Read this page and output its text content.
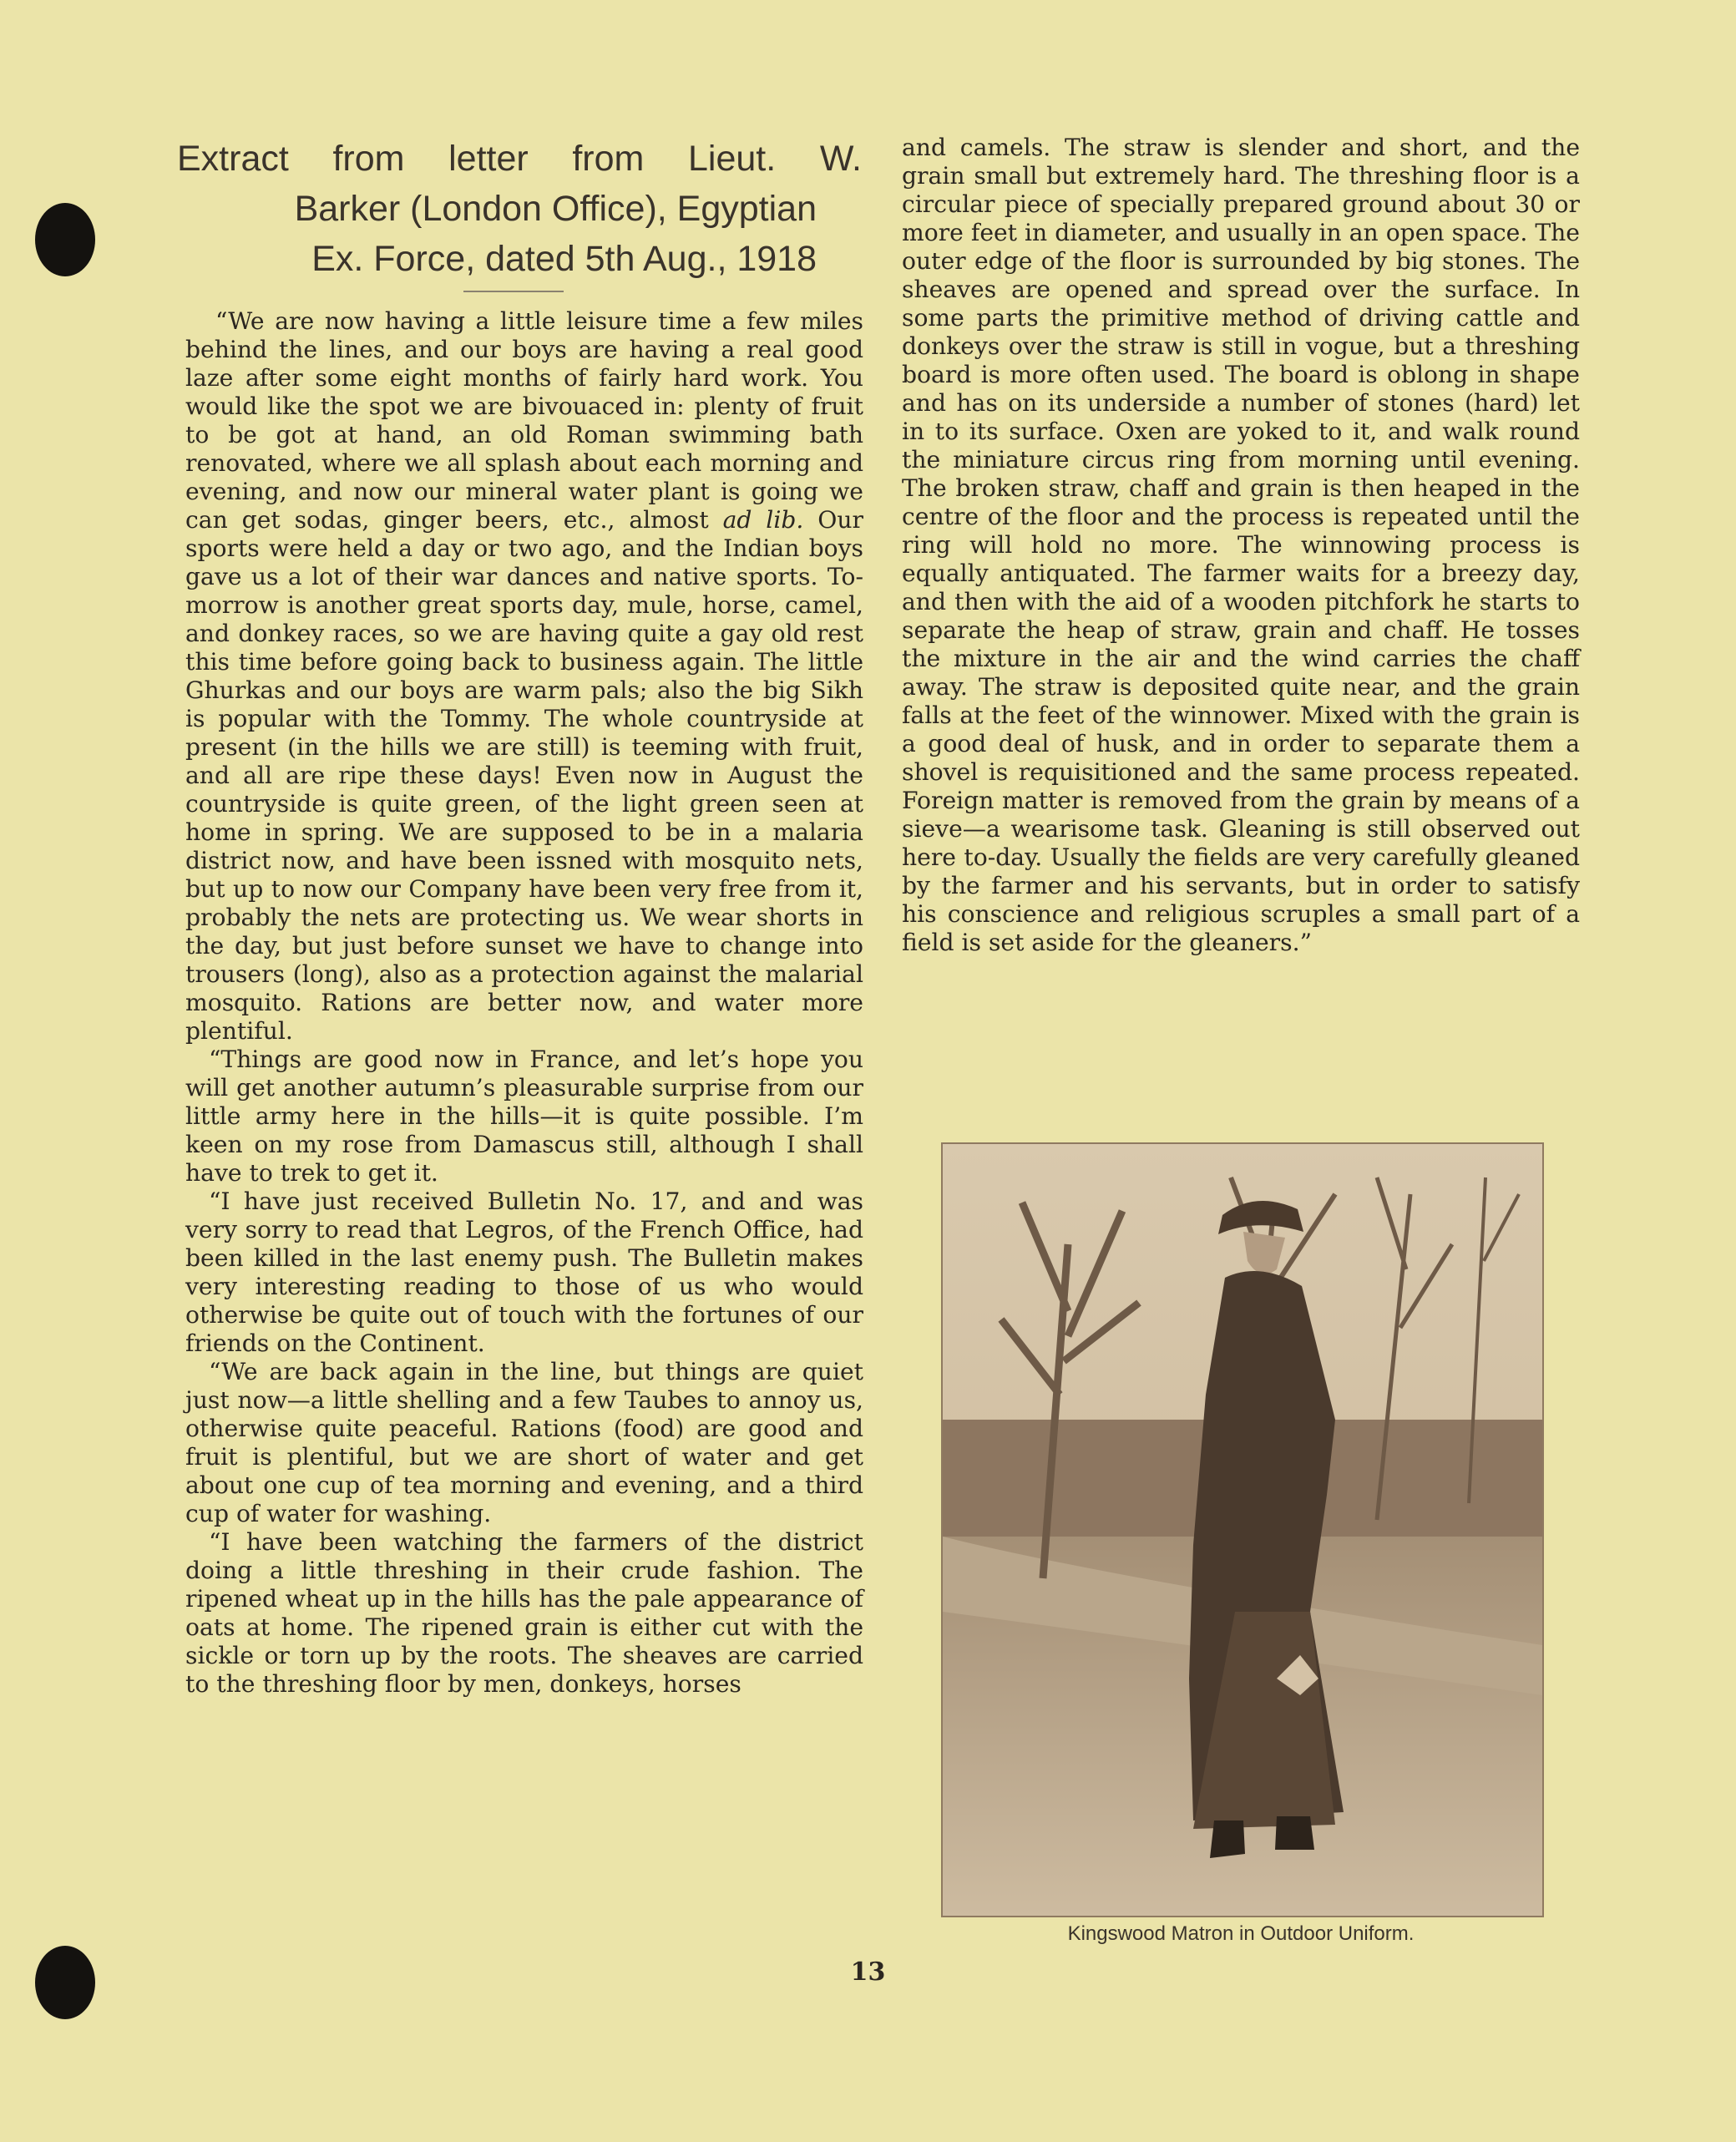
Extract from letter from Lieut. W.
Barker (London Office), Egyptian
Ex. Force, dated 5th Aug., 1918

“We are now having a little leisure time a few miles behind the lines, and our boys are having a real good laze after some eight months of fairly hard work. You would like the spot we are bivouaced in: plenty of fruit to be got at hand, an old Roman swimming bath renovated, where we all splash about each morning and evening, and now our mineral water plant is going we can get sodas, ginger beers, etc., almost ad lib. Our sports were held a day or two ago, and the Indian boys gave us a lot of their war dances and native sports. To-morrow is another great sports day, mule, horse, camel, and donkey races, so we are having quite a gay old rest this time before going back to business again. The little Ghurkas and our boys are warm pals; also the big Sikh is popular with the Tommy. The whole countryside at present (in the hills we are still) is teeming with fruit, and all are ripe these days! Even now in August the countryside is quite green, of the light green seen at home in spring. We are supposed to be in a malaria district now, and have been issned with mosquito nets, but up to now our Company have been very free from it, probably the nets are protecting us. We wear shorts in the day, but just before sunset we have to change into trousers (long), also as a protection against the malarial mosquito. Rations are better now, and water more plentiful.

“Things are good now in France, and let’s hope you will get another autumn’s pleasurable surprise from our little army here in the hills—it is quite possible. I’m keen on my rose from Damascus still, although I shall have to trek to get it.

“I have just received Bulletin No. 17, and and was very sorry to read that Legros, of the French Office, had been killed in the last enemy push. The Bulletin makes very interesting reading to those of us who would otherwise be quite out of touch with the fortunes of our friends on the Continent.

“We are back again in the line, but things are quiet just now—a little shelling and a few Taubes to annoy us, otherwise quite peaceful. Rations (food) are good and fruit is plentiful, but we are short of water and get about one cup of tea morning and evening, and a third cup of water for washing.

“I have been watching the farmers of the district doing a little threshing in their crude fashion. The ripened wheat up in the hills has the pale appearance of oats at home. The ripened grain is either cut with the sickle or torn up by the roots. The sheaves are carried to the threshing floor by men, donkeys, horses

and camels. The straw is slender and short, and the grain small but extremely hard. The threshing floor is a circular piece of specially prepared ground about 30 or more feet in diameter, and usually in an open space. The outer edge of the floor is surrounded by big stones. The sheaves are opened and spread over the surface. In some parts the primitive method of driving cattle and donkeys over the straw is still in vogue, but a threshing board is more often used. The board is oblong in shape and has on its underside a number of stones (hard) let in to its surface. Oxen are yoked to it, and walk round the miniature circus ring from morning until evening. The broken straw, chaff and grain is then heaped in the centre of the floor and the process is repeated until the ring will hold no more. The winnowing process is equally antiquated. The farmer waits for a breezy day, and then with the aid of a wooden pitchfork he starts to separate the heap of straw, grain and chaff. He tosses the mixture in the air and the wind carries the chaff away. The straw is deposited quite near, and the grain falls at the feet of the winnower. Mixed with the grain is a good deal of husk, and in order to separate them a shovel is requisitioned and the same process repeated. Foreign matter is removed from the grain by means of a sieve—a wearisome task. Gleaning is still observed out here to-day. Usually the fields are very carefully gleaned by the farmer and his servants, but in order to satisfy his conscience and religious scruples a small part of a field is set aside for the gleaners.”

Kingswood Matron in Outdoor Uniform.
13
